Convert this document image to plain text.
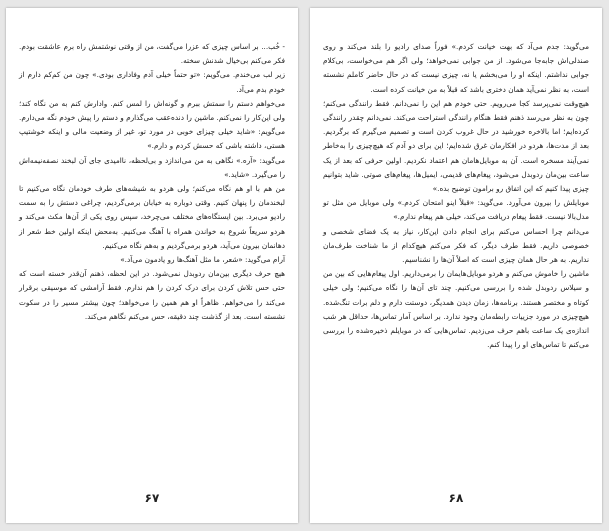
- خُب... بر اساس چیزی که عزرا می‌گفت، من از وقتی نوشتمش راه برم عاشقت بودم. فکر می‌کنم بی‌خیال شدنش سخته.

زیر لب می‌خندم. می‌گویم: «تو حتماً خیلی آدم وفاداری بودی.» چون من کم‌کم دارم از خودم بدم می‌آد.

می‌خواهم دستم را سمتش ببرم و گونه‌اش را لمس کنم. وادارش کنم به من نگاه کند؛ ولی این‌کار را نمی‌کنم. ماشین را دنده‌عقب می‌گذارم و دستم را پیش خودم نگه می‌دارم. می‌گویم: «شاید خیلی چیزای خوبی در مورد تو، غیر از وضعیت مالی و اینکه خوشتیپ هستی، داشته باشی که حسش کردم و دارم.»

می‌گوید: «آره.» نگاهی به من می‌اندازد و بی‌لحظه، ناامیدی جای آن لبخند نصفه‌نیمه‌اش را می‌گیرد. «شاید.»

من هم با او هم نگاه می‌کنم؛ ولی هردو به شیشه‌های طرف خودمان نگاه می‌کنیم تا لبخندمان را پنهان کنیم. وقتی دوباره به خیابان برمی‌گردیم، چراغی دستش را به سمت رادیو می‌برد. بین ایستگاه‌های مختلف می‌چرخد، سپس روی یکی از آن‌ها مکث می‌کند و هردو سریعاً شروع به خواندن همراه با آهنگ می‌کنیم. به‌محض اینکه اولین خط شعر از دهانمان بیرون می‌آید، هردو برمی‌گردیم و به‌هم نگاه می‌کنیم.

آرام می‌گوید: «شعر، ما مثل آهنگ‌ها رو یادمون می‌آد.»

هیچ حرف دیگری بین‌مان ردوبدل نمی‌شود. در این لحظه، ذهنم آن‌قدر خسته است که حتی حس تلاش کردن برای درک کردن را هم ندارم. فقط آرامشی که موسیقی برقرار می‌کند را می‌خواهم. ظاهراً او هم همین را می‌خواهد؛ چون بیشتر مسیر را در سکوت نشسته است. بعد از گذشت چند دقیقه، حس می‌کنم نگاهم می‌کند.

۶۷

می‌گوید: جدم می‌آد که بهت خیانت کردم.» فوراً صدای رادیو را بلند می‌کند و روی صندلی‌اش جابه‌جا می‌شود. از من جوابی نمی‌خواهد؛ ولی اگر هم می‌خواست، بی‌کلام جوابی نداشتم. اینکه او را می‌بخشم یا نه، چیزی نیست که در حال حاضر کاملم نشسته است، به نظر نمی‌آید همان دختری باشد که قبلاً به من خیانت کرده است.

هیچ‌وقت نمی‌پرسد کجا می‌رویم. حتی خودم هم این را نمی‌دانم. فقط رانندگی می‌کنم؛ چون به نظر می‌رسد ذهنم فقط هنگام رانندگی استراحت می‌کند. نمی‌دانم چقدر رانندگی کرده‌ایم؛ اما بالاخره خورشید در حال غروب کردن است و تصمیم می‌گیرم که برگردیم. بعد از مدت‌ها، هردو در افکارمان غرق شده‌ایم؛ این برای دو آدم که هیچ‌چیزی را به‌خاطر نمی‌آیند مسخره است. آن به موبایل‌هامان هم اعتماد نکردیم. اولین حرفی که بعد از یک ساعت بین‌مان ردوبدل می‌شود، پیغام‌های قدیمی، ایمیل‌ها، پیغام‌های صوتی. شاید بتوانیم چیزی پیدا کنیم که این اتفاق رو برامون توضیح بده.»

موبایلش را بیرون می‌آورد. می‌گوید: «قبلاً اینو امتحان کردم.» ولی موبایل من مثل تو مدل‌بالا نیست. فقط پیغام دریافت می‌کند، خیلی هم پیغام ندارم.»

می‌دانم چرا احساس می‌کنم برای انجام دادن این‌کار، نیاز به یک فضای شخصی و خصوصی داریم. فقط طرف دیگر، که فکر می‌کنم هیچ‌کدام از ما شناخت طرف‌مان نداریم. به هر حال همان چیزی است که اصلاً آن‌ها را نشناسیم.

ماشین را خاموش می‌کنم و هردو موبایل‌هایمان را برمی‌داریم. اول پیغام‌هایی که بین من و سیلاس ردوبدل شده را بررسی می‌کنیم. چند تای آن‌ها را نگاه می‌کنیم؛ ولی خیلی کوتاه و مختصر هستند. برنامه‌ها، زمان دیدن همدیگر، دوستت دارم و دلم برات تنگ‌شده. هیچ‌چیزی در مورد جزییات رابطه‌مان وجود ندارد. بر اساس آمار تماس‌ها، حداقل هر شب اندازه‌ی یک ساعت باهم حرف می‌زدیم. تماس‌هایی که در موبایلم ذخیره‌شده را بررسی می‌کنم تا تماس‌های او را پیدا کنم.

۶۸
